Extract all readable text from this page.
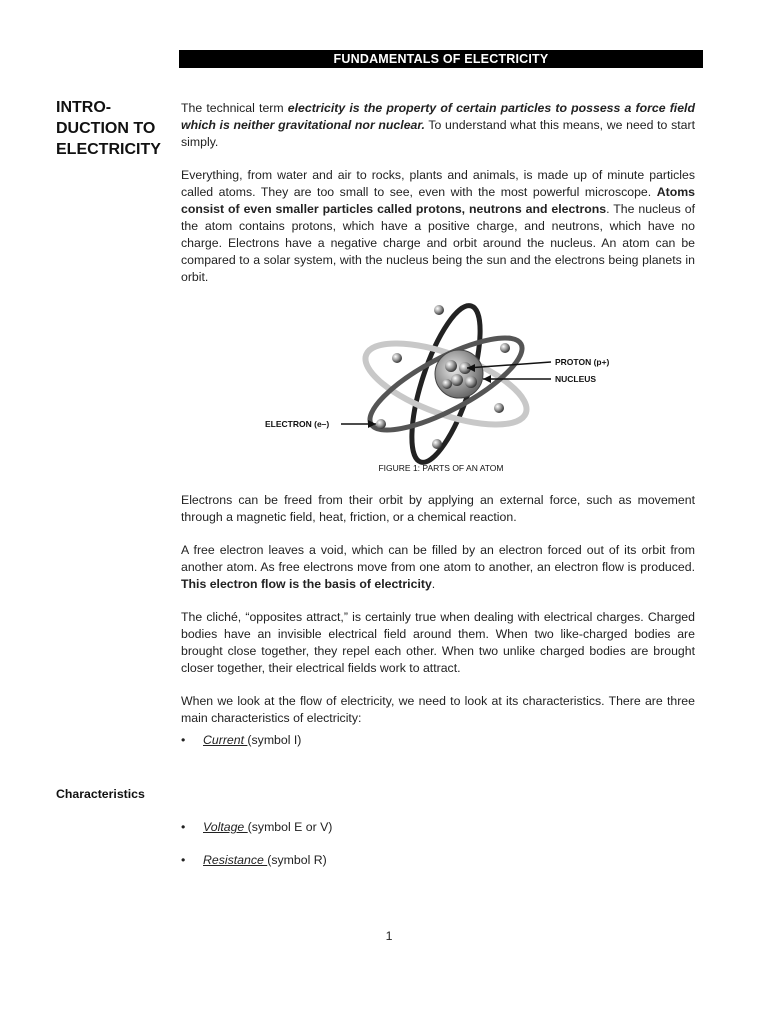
FUNDAMENTALS OF ELECTRICITY
INTRO-
DUCTION TO
ELECTRICITY

The technical term electricity is the property of certain particles to possess a force field which is neither gravitational nor nuclear. To understand what this means, we need to start simply.

Everything, from water and air to rocks, plants and animals, is made up of minute particles called atoms. They are too small to see, even with the most powerful microscope. Atoms consist of even smaller particles called protons, neutrons and electrons. The nucleus of the atom contains protons, which have a positive charge, and neutrons, which have no charge. Electrons have a negative charge and orbit around the nucleus. An atom can be compared to a solar system, with the nucleus being the sun and the electrons being planets in orbit.

PROTON (p+)
NUCLEUS
ELECTRON (e–)
FIGURE 1: PARTS OF AN ATOM

Electrons can be freed from their orbit by applying an external force, such as movement through a magnetic field, heat, friction, or a chemical reaction.

A free electron leaves a void, which can be filled by an electron forced out of its orbit from another atom. As free electrons move from one atom to another, an electron flow is produced. This electron flow is the basis of electricity.

The cliché, “opposites attract,” is certainly true when dealing with electrical charges. Charged bodies have an invisible electrical field around them. When two like-charged bodies are brought close together, they repel each other. When two unlike charged bodies are brought closer together, their electrical fields work to attract.

When we look at the flow of electricity, we need to look at its characteristics. There are three main characteristics of electricity:

• Current (symbol I)
Characteristics
• Voltage (symbol E or V)
• Resistance (symbol R)
1
